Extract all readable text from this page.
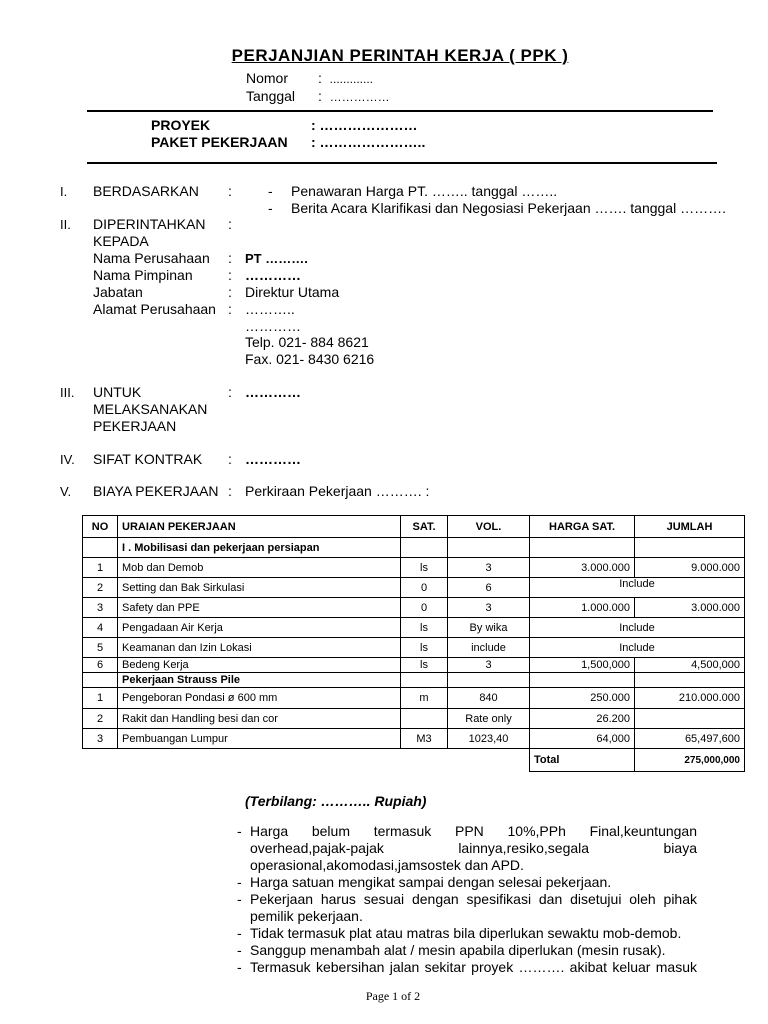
PERJANJIAN PERINTAH KERJA ( PPK )
Nomor : .............
Tanggal : ……………
PROYEK	: …………………
PAKET PEKERJAAN : …………………..
I. BERDASARKAN :	- Penawaran Harga PT. …….. tanggal ……..
- Berita Acara Klarifikasi dan Negosiasi Pekerjaan ……. tanggal ……….
II. DIPERINTAHKAN
KEPADA
:
Nama Perusahaan : PT ……….
Nama Pimpinan	: …………
Jabatan	: Direktur Utama
Alamat Perusahaan : ………..
…………
Telp. 021- 884 8621
Fax. 021- 8430 6216
III. UNTUK
MELAKSANAKAN
PEKERJAAN
: …………
IV. SIFAT KONTRAK : …………
V. BIAYA PEKERJAAN : Perkiraan Pekerjaan ………. :
NO	URAIAN PEKERJAAN	SAT.	VOL.	HARGA SAT.	JUMLAH
	I . Mobilisasi dan pekerjaan persiapan				
1	Mob dan Demob	ls	3	3.000.000	9.000.000
2	Setting dan Bak Sirkulasi	0	6	Include	
3	Safety dan PPE	0	3	1.000.000	3.000.000
4	Pengadaan Air Kerja	ls	By wika	Include	
5	Keamanan dan Izin Lokasi	ls	include	Include	
6	Bedeng Kerja	ls	3	1,500,000	4,500,000
	Pekerjaan Strauss Pile				
1	Pengeboran Pondasi ø 600 mm	m	840	250.000	210.000.000
2	Rakit dan Handling besi dan cor		Rate only	26.200	
3	Pembuangan Lumpur	M3	1023,40	64,000	65,497,600
				Total	275,000,000
(Terbilang: ……….. Rupiah)
- Harga belum termasuk PPN 10%,PPh Final,keuntungan overhead,pajak-pajak lainnya,resiko,segala biaya operasional,akomodasi,jamsostek dan APD.
- Harga satuan mengikat sampai dengan selesai pekerjaan.
- Pekerjaan harus sesuai dengan spesifikasi dan disetujui oleh pihak pemilik pekerjaan.
- Tidak termasuk plat atau matras bila diperlukan sewaktu mob-demob.
- Sanggup menambah alat / mesin apabila diperlukan (mesin rusak).
- Termasuk kebersihan jalan sekitar proyek ………. akibat keluar masuk
Page 1 of 2
